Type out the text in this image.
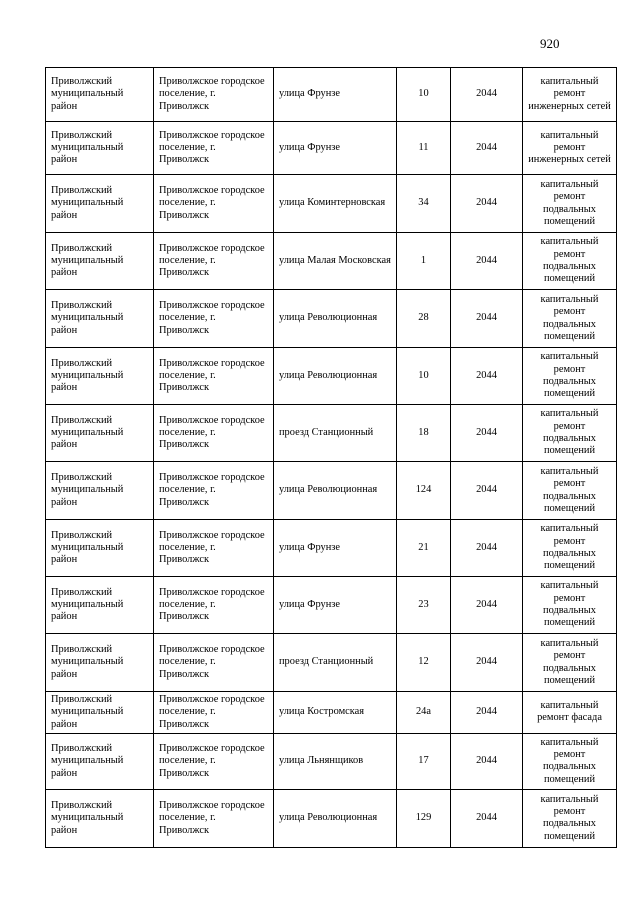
920
Приволжский муниципальный район	Приволжское городское поселение, г. Приволжск	улица Фрунзе	10	2044	капитальный ремонт инженерных сетей
Приволжский муниципальный район	Приволжское городское поселение, г. Приволжск	улица Фрунзе	11	2044	капитальный ремонт инженерных сетей
Приволжский муниципальный район	Приволжское городское поселение, г. Приволжск	улица Коминтерновская	34	2044	капитальный ремонт подвальных помещений
Приволжский муниципальный район	Приволжское городское поселение, г. Приволжск	улица Малая Московская	1	2044	капитальный ремонт подвальных помещений
Приволжский муниципальный район	Приволжское городское поселение, г. Приволжск	улица Революционная	28	2044	капитальный ремонт подвальных помещений
Приволжский муниципальный район	Приволжское городское поселение, г. Приволжск	улица Революционная	10	2044	капитальный ремонт подвальных помещений
Приволжский муниципальный район	Приволжское городское поселение, г. Приволжск	проезд Станционный	18	2044	капитальный ремонт подвальных помещений
Приволжский муниципальный район	Приволжское городское поселение, г. Приволжск	улица Революционная	124	2044	капитальный ремонт подвальных помещений
Приволжский муниципальный район	Приволжское городское поселение, г. Приволжск	улица Фрунзе	21	2044	капитальный ремонт подвальных помещений
Приволжский муниципальный район	Приволжское городское поселение, г. Приволжск	улица Фрунзе	23	2044	капитальный ремонт подвальных помещений
Приволжский муниципальный район	Приволжское городское поселение, г. Приволжск	проезд Станционный	12	2044	капитальный ремонт подвальных помещений
Приволжский муниципальный район	Приволжское городское поселение, г. Приволжск	улица Костромская	24а	2044	капитальный ремонт фасада
Приволжский муниципальный район	Приволжское городское поселение, г. Приволжск	улица Льнянщиков	17	2044	капитальный ремонт подвальных помещений
Приволжский муниципальный район	Приволжское городское поселение, г. Приволжск	улица Революционная	129	2044	капитальный ремонт подвальных помещений
